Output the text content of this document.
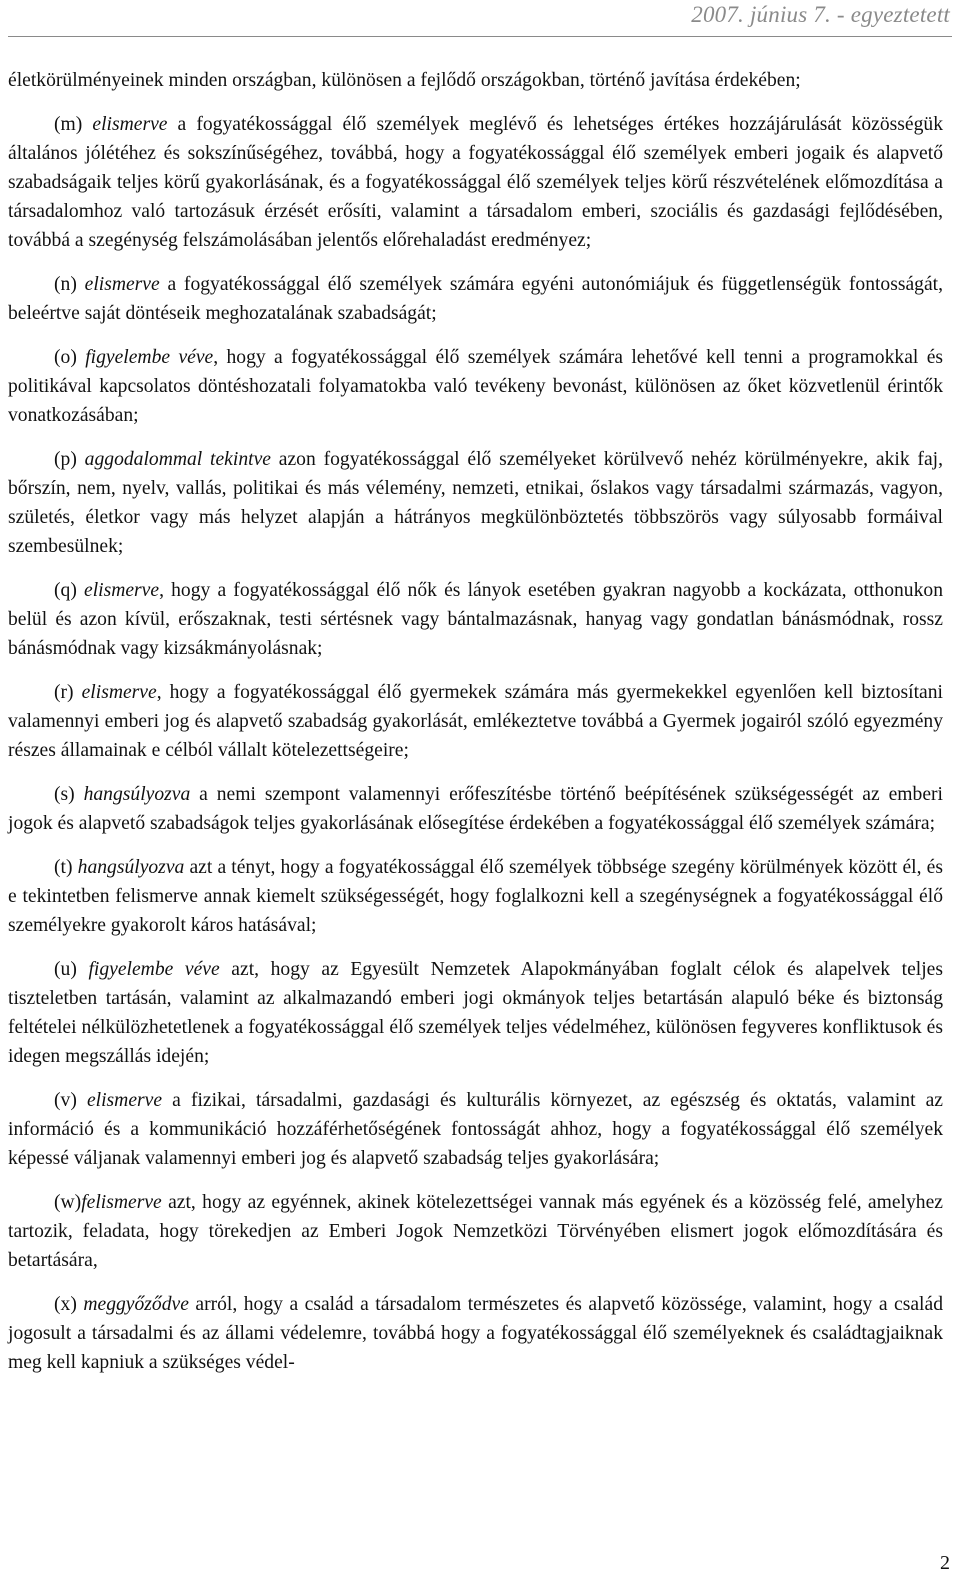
2007. június 7. - egyeztetett

életkörülményeinek minden országban, különösen a fejlődő országokban, történő javítása érdekében;

(m) elismerve a fogyatékossággal élő személyek meglévő és lehetséges értékes hozzájárulását közösségük általános jólétéhez és sokszínűségéhez, továbbá, hogy a fogyatékossággal élő személyek emberi jogaik és alapvető szabadságaik teljes körű gyakorlásának, és a fogyatékossággal élő személyek teljes körű részvételének előmozdítása a társadalomhoz való tartozásuk érzését erősíti, valamint a társadalom emberi, szociális és gazdasági fejlődésében, továbbá a szegénység felszámolásában jelentős előrehaladást eredményez;

(n) elismerve a fogyatékossággal élő személyek számára egyéni autonómiájuk és függetlenségük fontosságát, beleértve saját döntéseik meghozatalának szabadságát;

(o) figyelembe véve, hogy a fogyatékossággal élő személyek számára lehetővé kell tenni a programokkal és politikával kapcsolatos döntéshozatali folyamatokba való tevékeny bevonást, különösen az őket közvetlenül érintők vonatkozásában;

(p) aggodalommal tekintve azon fogyatékossággal élő személyeket körülvevő nehéz körülményekre, akik faj, bőrszín, nem, nyelv, vallás, politikai és más vélemény, nemzeti, etnikai, őslakos vagy társadalmi származás, vagyon, születés, életkor vagy más helyzet alapján a hátrányos megkülönböztetés többszörös vagy súlyosabb formáival szembesülnek;

(q) elismerve, hogy a fogyatékossággal élő nők és lányok esetében gyakran nagyobb a kockázata, otthonukon belül és azon kívül, erőszaknak, testi sértésnek vagy bántalmazásnak, hanyag vagy gondatlan bánásmódnak, rossz bánásmódnak vagy kizsákmányolásnak;

(r) elismerve, hogy a fogyatékossággal élő gyermekek számára más gyermekekkel egyenlően kell biztosítani valamennyi emberi jog és alapvető szabadság gyakorlását, emlékeztetve továbbá a Gyermek jogairól szóló egyezmény részes államainak e célból vállalt kötelezettségeire;

(s) hangsúlyozva a nemi szempont valamennyi erőfeszítésbe történő beépítésének szükségességét az emberi jogok és alapvető szabadságok teljes gyakorlásának elősegítése érdekében a fogyatékossággal élő személyek számára;

(t) hangsúlyozva azt a tényt, hogy a fogyatékossággal élő személyek többsége szegény körülmények között él, és e tekintetben felismerve annak kiemelt szükségességét, hogy foglalkozni kell a szegénységnek a fogyatékossággal élő személyekre gyakorolt káros hatásával;

(u) figyelembe véve azt, hogy az Egyesült Nemzetek Alapokmányában foglalt célok és alapelvek teljes tiszteletben tartásán, valamint az alkalmazandó emberi jogi okmányok teljes betartásán alapuló béke és biztonság feltételei nélkülözhetetlenek a fogyatékossággal élő személyek teljes védelméhez, különösen fegyveres konfliktusok és idegen megszállás idején;

(v) elismerve a fizikai, társadalmi, gazdasági és kulturális környezet, az egészség és oktatás, valamint az információ és a kommunikáció hozzáférhetőségének fontosságát ahhoz, hogy a fogyatékossággal élő személyek képessé váljanak valamennyi emberi jog és alapvető szabadság teljes gyakorlására;

(w)felismerve azt, hogy az egyénnek, akinek kötelezettségei vannak más egyének és a közösség felé, amelyhez tartozik, feladata, hogy törekedjen az Emberi Jogok Nemzetközi Törvényében elismert jogok előmozdítására és betartására,

(x) meggyőződve arról, hogy a család a társadalom természetes és alapvető közössége, valamint, hogy a család jogosult a társadalmi és az állami védelemre, továbbá hogy a fogyatékossággal élő személyeknek és családtagjaiknak meg kell kapniuk a szükséges védel-

2
